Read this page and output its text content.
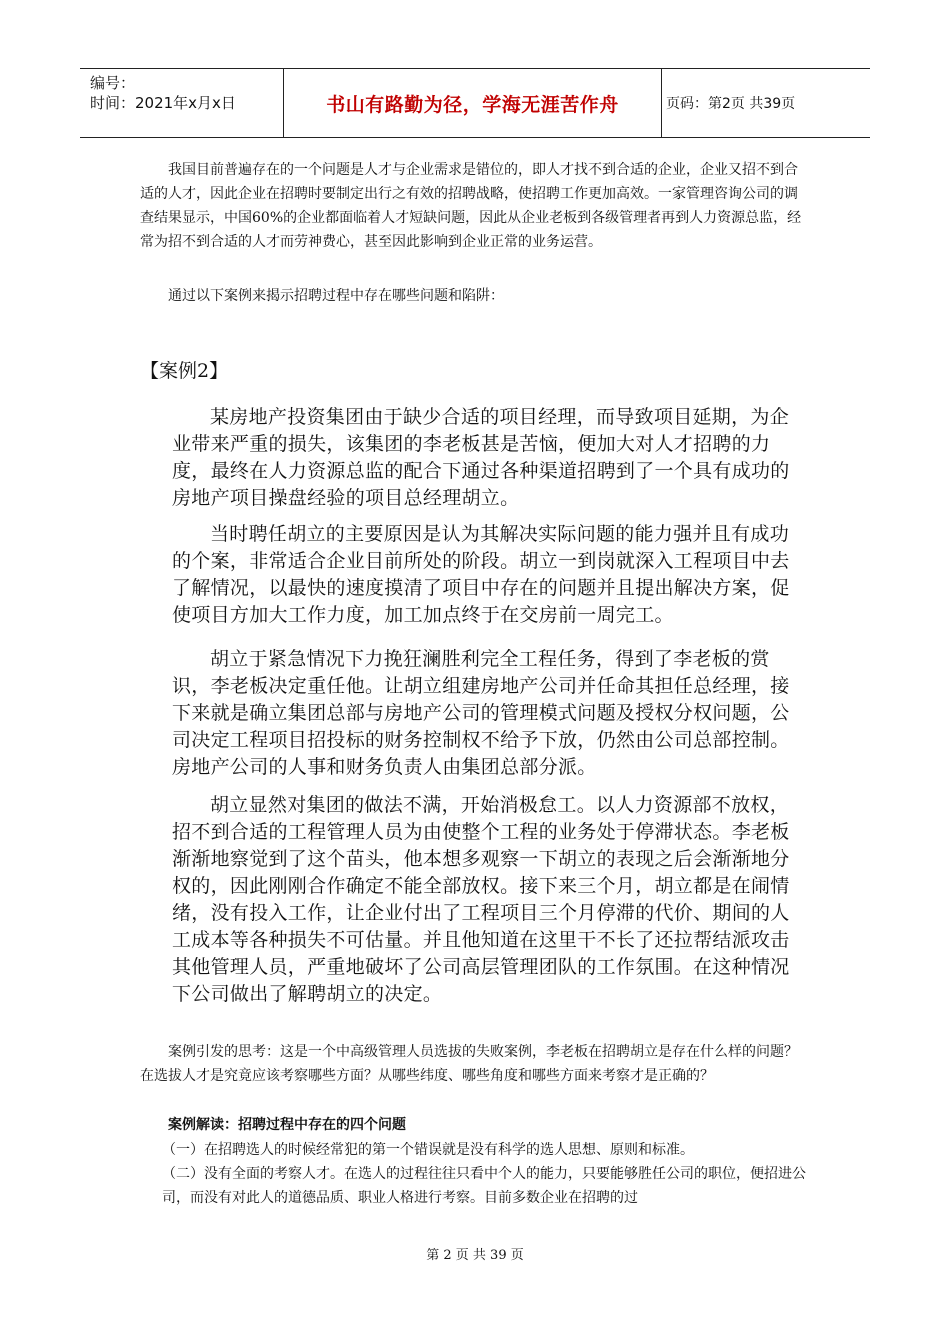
编号：
时间：2021年x月x日	书山有路勤为径，学海无涯苦作舟	页码：第2页 共39页

我国目前普遍存在的一个问题是人才与企业需求是错位的，即人才找不到合适的企业，企业又招不到合适的人才，因此企业在招聘时要制定出行之有效的招聘战略，使招聘工作更加高效。一家管理咨询公司的调查结果显示，中国60%的企业都面临着人才短缺问题，因此从企业老板到各级管理者再到人力资源总监，经常为招不到合适的人才而劳神费心，甚至因此影响到企业正常的业务运营。

通过以下案例来揭示招聘过程中存在哪些问题和陷阱：

【案例2】

某房地产投资集团由于缺少合适的项目经理，而导致项目延期，为企业带来严重的损失，该集团的李老板甚是苦恼，便加大对人才招聘的力度，最终在人力资源总监的配合下通过各种渠道招聘到了一个具有成功的房地产项目操盘经验的项目总经理胡立。

当时聘任胡立的主要原因是认为其解决实际问题的能力强并且有成功的个案，非常适合企业目前所处的阶段。胡立一到岗就深入工程项目中去了解情况，以最快的速度摸清了项目中存在的问题并且提出解决方案，促使项目方加大工作力度，加工加点终于在交房前一周完工。

胡立于紧急情况下力挽狂澜胜利完全工程任务，得到了李老板的赏识，李老板决定重任他。让胡立组建房地产公司并任命其担任总经理，接下来就是确立集团总部与房地产公司的管理模式问题及授权分权问题，公司决定工程项目招投标的财务控制权不给予下放，仍然由公司总部控制。房地产公司的人事和财务负责人由集团总部分派。

胡立显然对集团的做法不满，开始消极怠工。以人力资源部不放权，招不到合适的工程管理人员为由使整个工程的业务处于停滞状态。李老板渐渐地察觉到了这个苗头，他本想多观察一下胡立的表现之后会渐渐地分权的，因此刚刚合作确定不能全部放权。接下来三个月，胡立都是在闹情绪，没有投入工作，让企业付出了工程项目三个月停滞的代价、期间的人工成本等各种损失不可估量。并且他知道在这里干不长了还拉帮结派攻击其他管理人员，严重地破坏了公司高层管理团队的工作氛围。在这种情况下公司做出了解聘胡立的决定。

案例引发的思考：这是一个中高级管理人员选拔的失败案例，李老板在招聘胡立是存在什么样的问题？在选拔人才是究竟应该考察哪些方面？从哪些纬度、哪些角度和哪些方面来考察才是正确的？

案例解读：招聘过程中存在的四个问题

（一）在招聘选人的时候经常犯的第一个错误就是没有科学的选人思想、原则和标准。

（二）没有全面的考察人才。在选人的过程往往只看中个人的能力，只要能够胜任公司的职位，便招进公司，而没有对此人的道德品质、职业人格进行考察。目前多数企业在招聘的过

第 2 页 共 39 页
